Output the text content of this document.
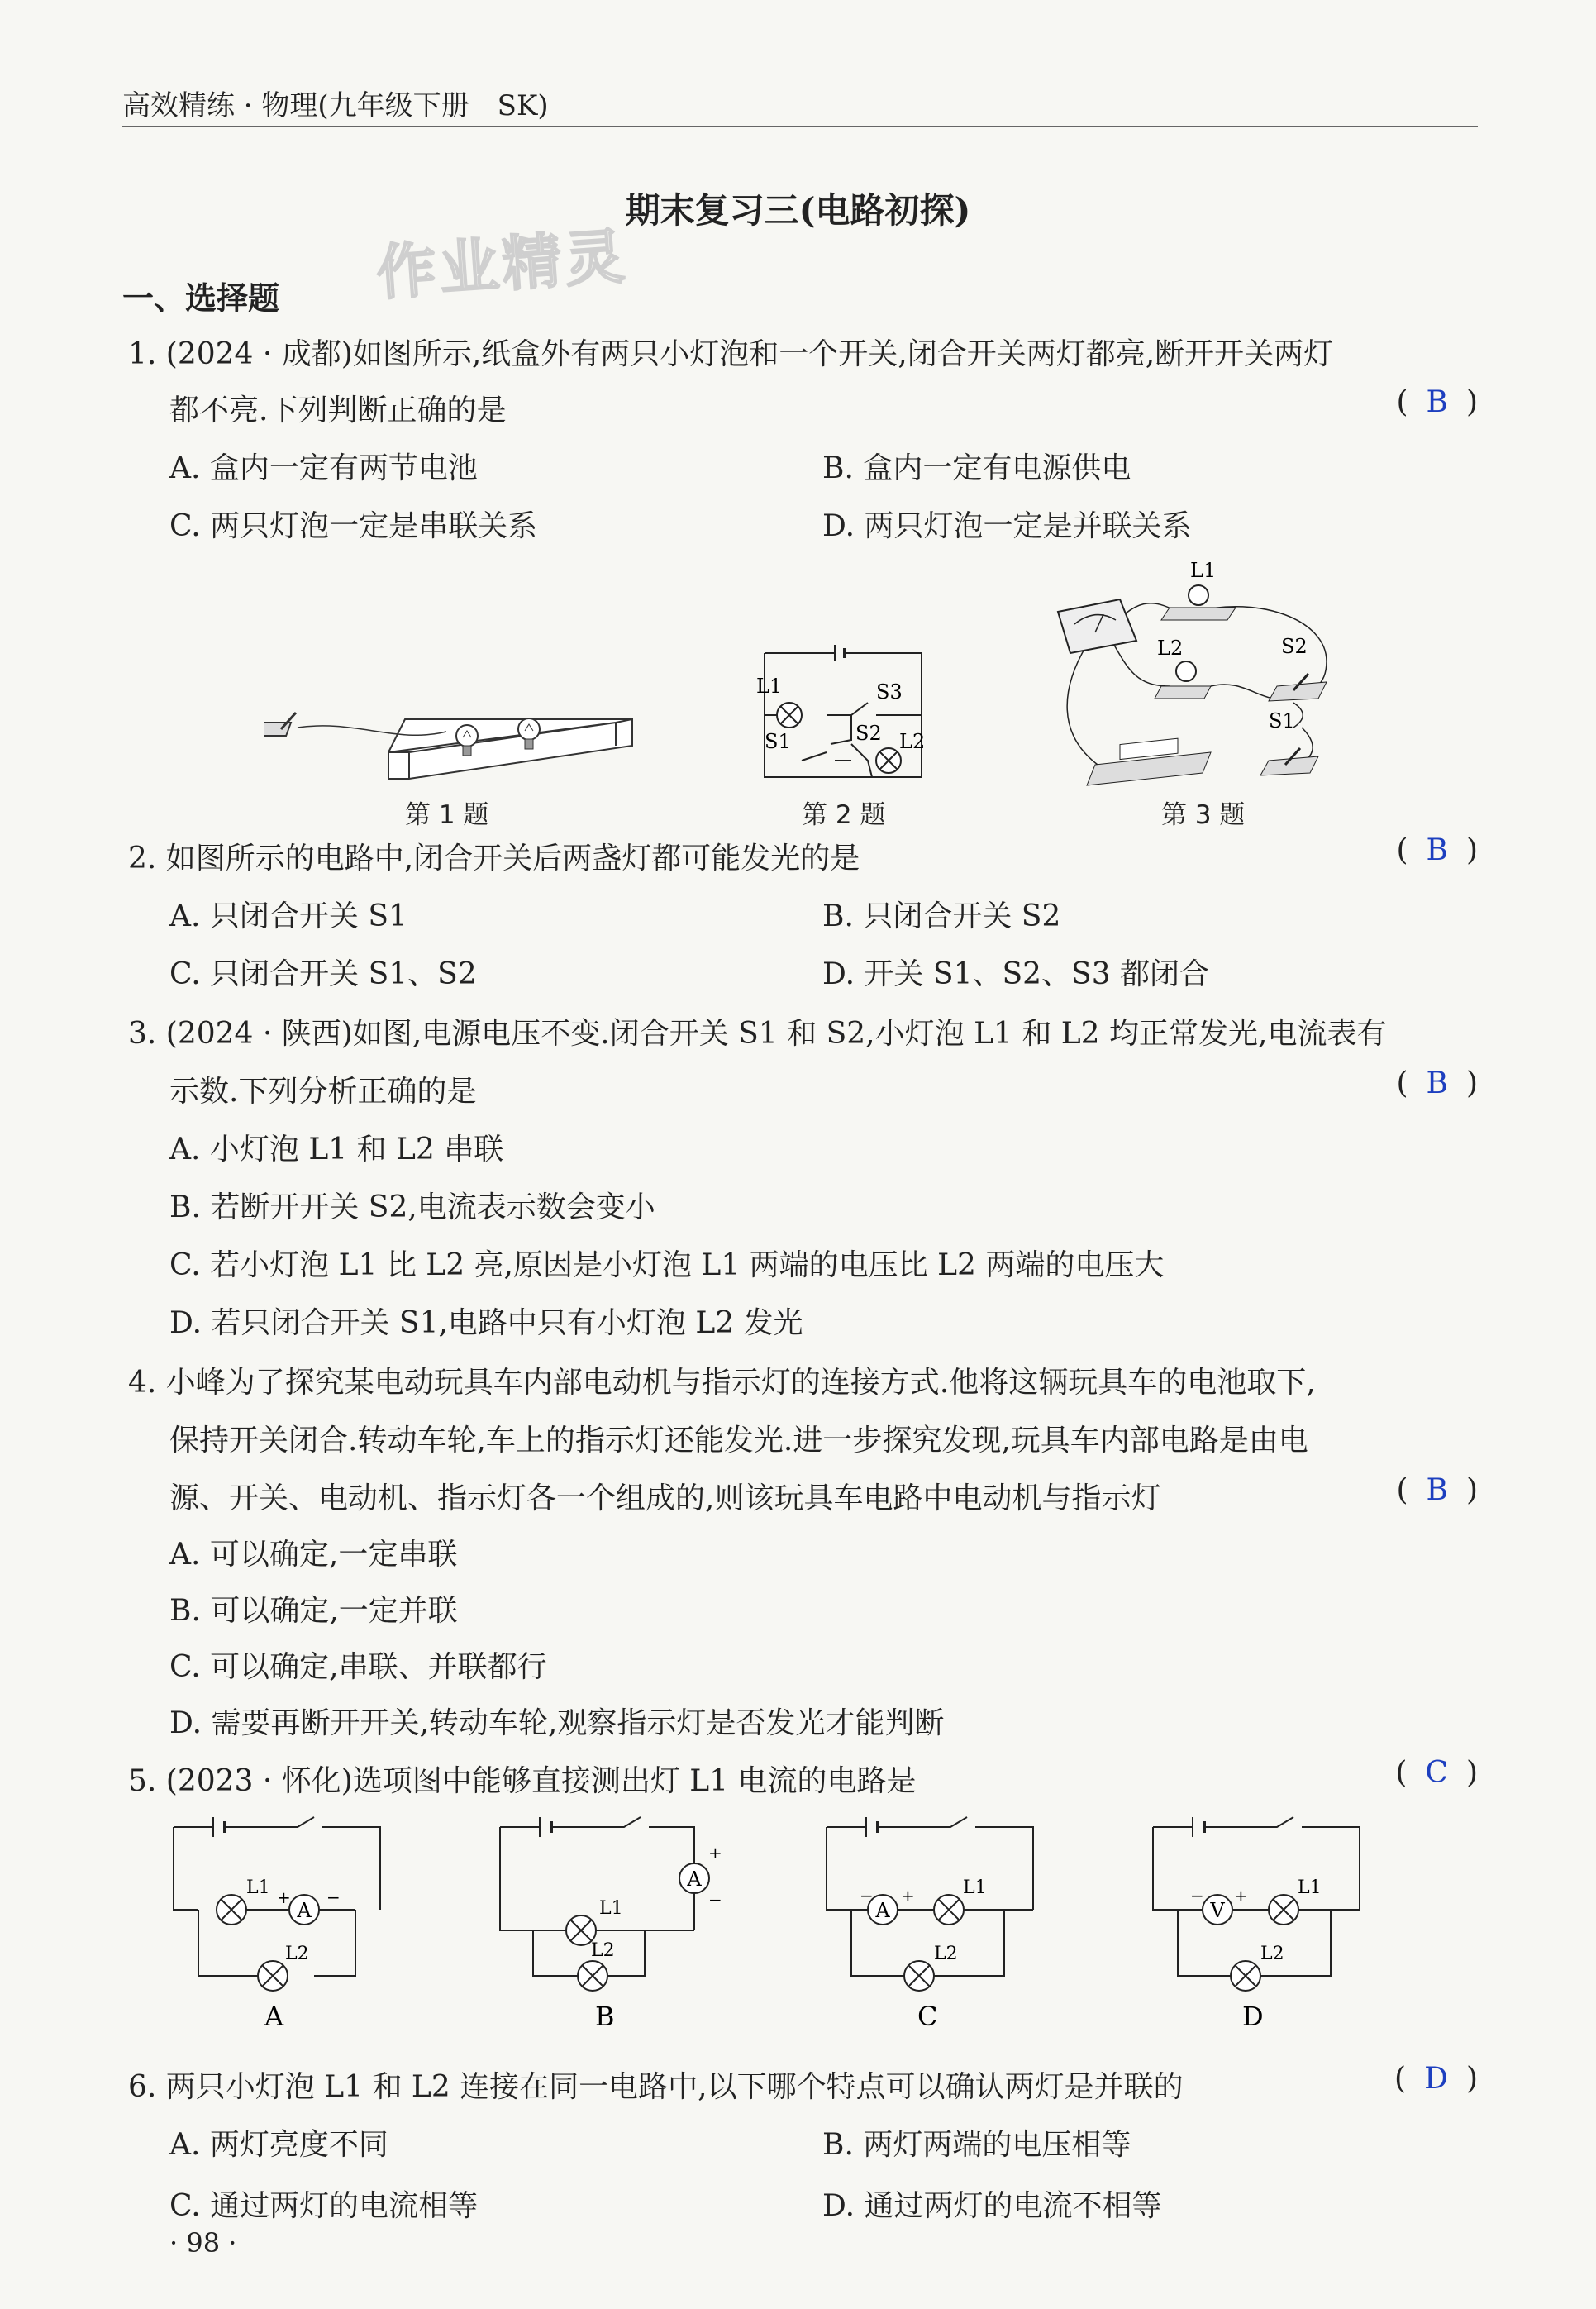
高效精练 · 物理(九年级下册　SK)
作业精灵
期末复习三(电路初探)
一、选择题
1. (2024 · 成都)如图所示,纸盒外有两只小灯泡和一个开关,闭合开关两灯都亮,断开开关两灯
都不亮.下列判断正确的是	( B )
A. 盒内一定有两节电池	B. 盒内一定有电源供电
C. 两只灯泡一定是串联关系	D. 两只灯泡一定是并联关系
第 1 题
L1	S3
S2
S1	L2
第 2 题
L1
L2	S2
S1
第 3 题
2. 如图所示的电路中,闭合开关后两盏灯都可能发光的是	( B )
A. 只闭合开关 S1	B. 只闭合开关 S2
C. 只闭合开关 S1、S2	D. 开关 S1、S2、S3 都闭合
3. (2024 · 陕西)如图,电源电压不变.闭合开关 S1 和 S2,小灯泡 L1 和 L2 均正常发光,电流表有
示数.下列分析正确的是	( B )
A. 小灯泡 L1 和 L2 串联
B. 若断开开关 S2,电流表示数会变小
C. 若小灯泡 L1 比 L2 亮,原因是小灯泡 L1 两端的电压比 L2 两端的电压大
D. 若只闭合开关 S1,电路中只有小灯泡 L2 发光
4. 小峰为了探究某电动玩具车内部电动机与指示灯的连接方式.他将这辆玩具车的电池取下,
保持开关闭合.转动车轮,车上的指示灯还能发光.进一步探究发现,玩具车内部电路是由电
源、开关、电动机、指示灯各一个组成的,则该玩具车电路中电动机与指示灯	( B )
A. 可以确定,一定串联
B. 可以确定,一定并联
C. 可以确定,串联、并联都行
D. 需要再断开开关,转动车轮,观察指示灯是否发光才能判断
5. (2023 · 怀化)选项图中能够直接测出灯 L1 电流的电路是	( C )
A
L1
L2
+ −
A
A
L1
L2
+
−
B
A
L1
L2
− +
C
V
L1
L2
− +
D
6. 两只小灯泡 L1 和 L2 连接在同一电路中,以下哪个特点可以确认两灯是并联的	( D )
A. 两灯亮度不同	B. 两灯两端的电压相等
C. 通过两灯的电流相等	D. 通过两灯的电流不相等
· 98 ·
